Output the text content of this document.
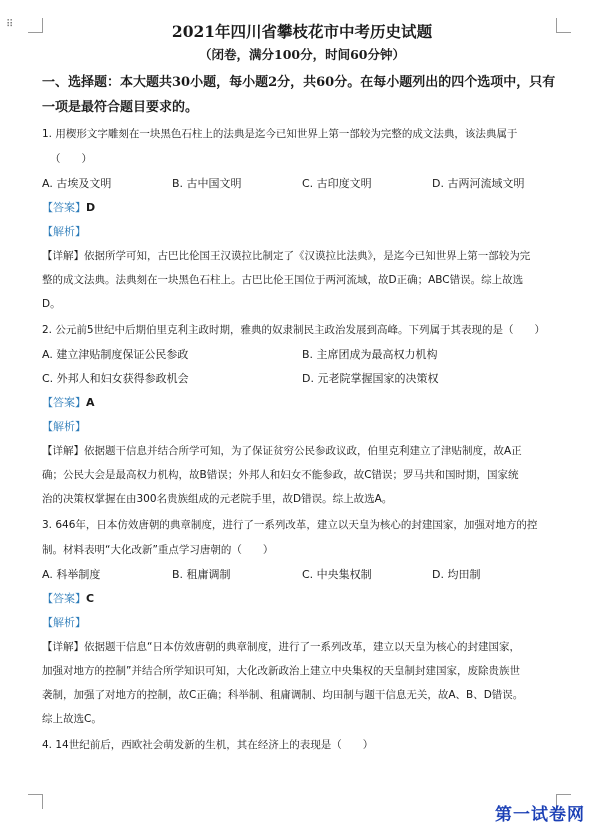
⠿	2021年四川省攀枝花市中考历史试题
（闭卷，满分100分，时间60分钟）
一、选择题：本大题共30小题，每小题2分，共60分。在每小题列出的四个选项中，只有
一项是最符合题目要求的。
1. 用楔形文字雕刻在一块黑色石柱上的法典是迄今已知世界上第一部较为完整的成文法典，该法典属于
（　　）
A. 古埃及文明	B. 古中国文明	C. 古印度文明	D. 古两河流域文明
【答案】D
【解析】
【详解】依据所学可知，古巴比伦国王汉谟拉比制定了《汉谟拉比法典》，是迄今已知世界上第一部较为完
整的成文法典。法典刻在一块黑色石柱上。古巴比伦王国位于两河流域，故D正确；ABC错误。综上故选
D。
2. 公元前5世纪中后期伯里克利主政时期，雅典的奴隶制民主政治发展到高峰。下列属于其表现的是（　　）
A. 建立津贴制度保证公民参政	B. 主席团成为最高权力机构
C. 外邦人和妇女获得参政机会	D. 元老院掌握国家的决策权
【答案】A
【解析】
【详解】依据题干信息并结合所学可知，为了保证贫穷公民参政议政，伯里克利建立了津贴制度，故A正
确；公民大会是最高权力机构，故B错误；外邦人和妇女不能参政，故C错误；罗马共和国时期，国家统
治的决策权掌握在由300名贵族组成的元老院手里，故D错误。综上故选A。
3. 646年，日本仿效唐朝的典章制度，进行了一系列改革，建立以天皇为核心的封建国家，加强对地方的控
制。材料表明“大化改新”重点学习唐朝的（　　）
A. 科举制度	B. 租庸调制	C. 中央集权制	D. 均田制
【答案】C
【解析】
【详解】依据题干信息“日本仿效唐朝的典章制度，进行了一系列改革，建立以天皇为核心的封建国家，
加强对地方的控制”并结合所学知识可知，大化改新政治上建立中央集权的天皇制封建国家，废除贵族世
袭制，加强了对地方的控制，故C正确；科举制、租庸调制、均田制与题干信息无关，故A、B、D错误。
综上故选C。
4. 14世纪前后，西欧社会萌发新的生机，其在经济上的表现是（　　）
第一试卷网
